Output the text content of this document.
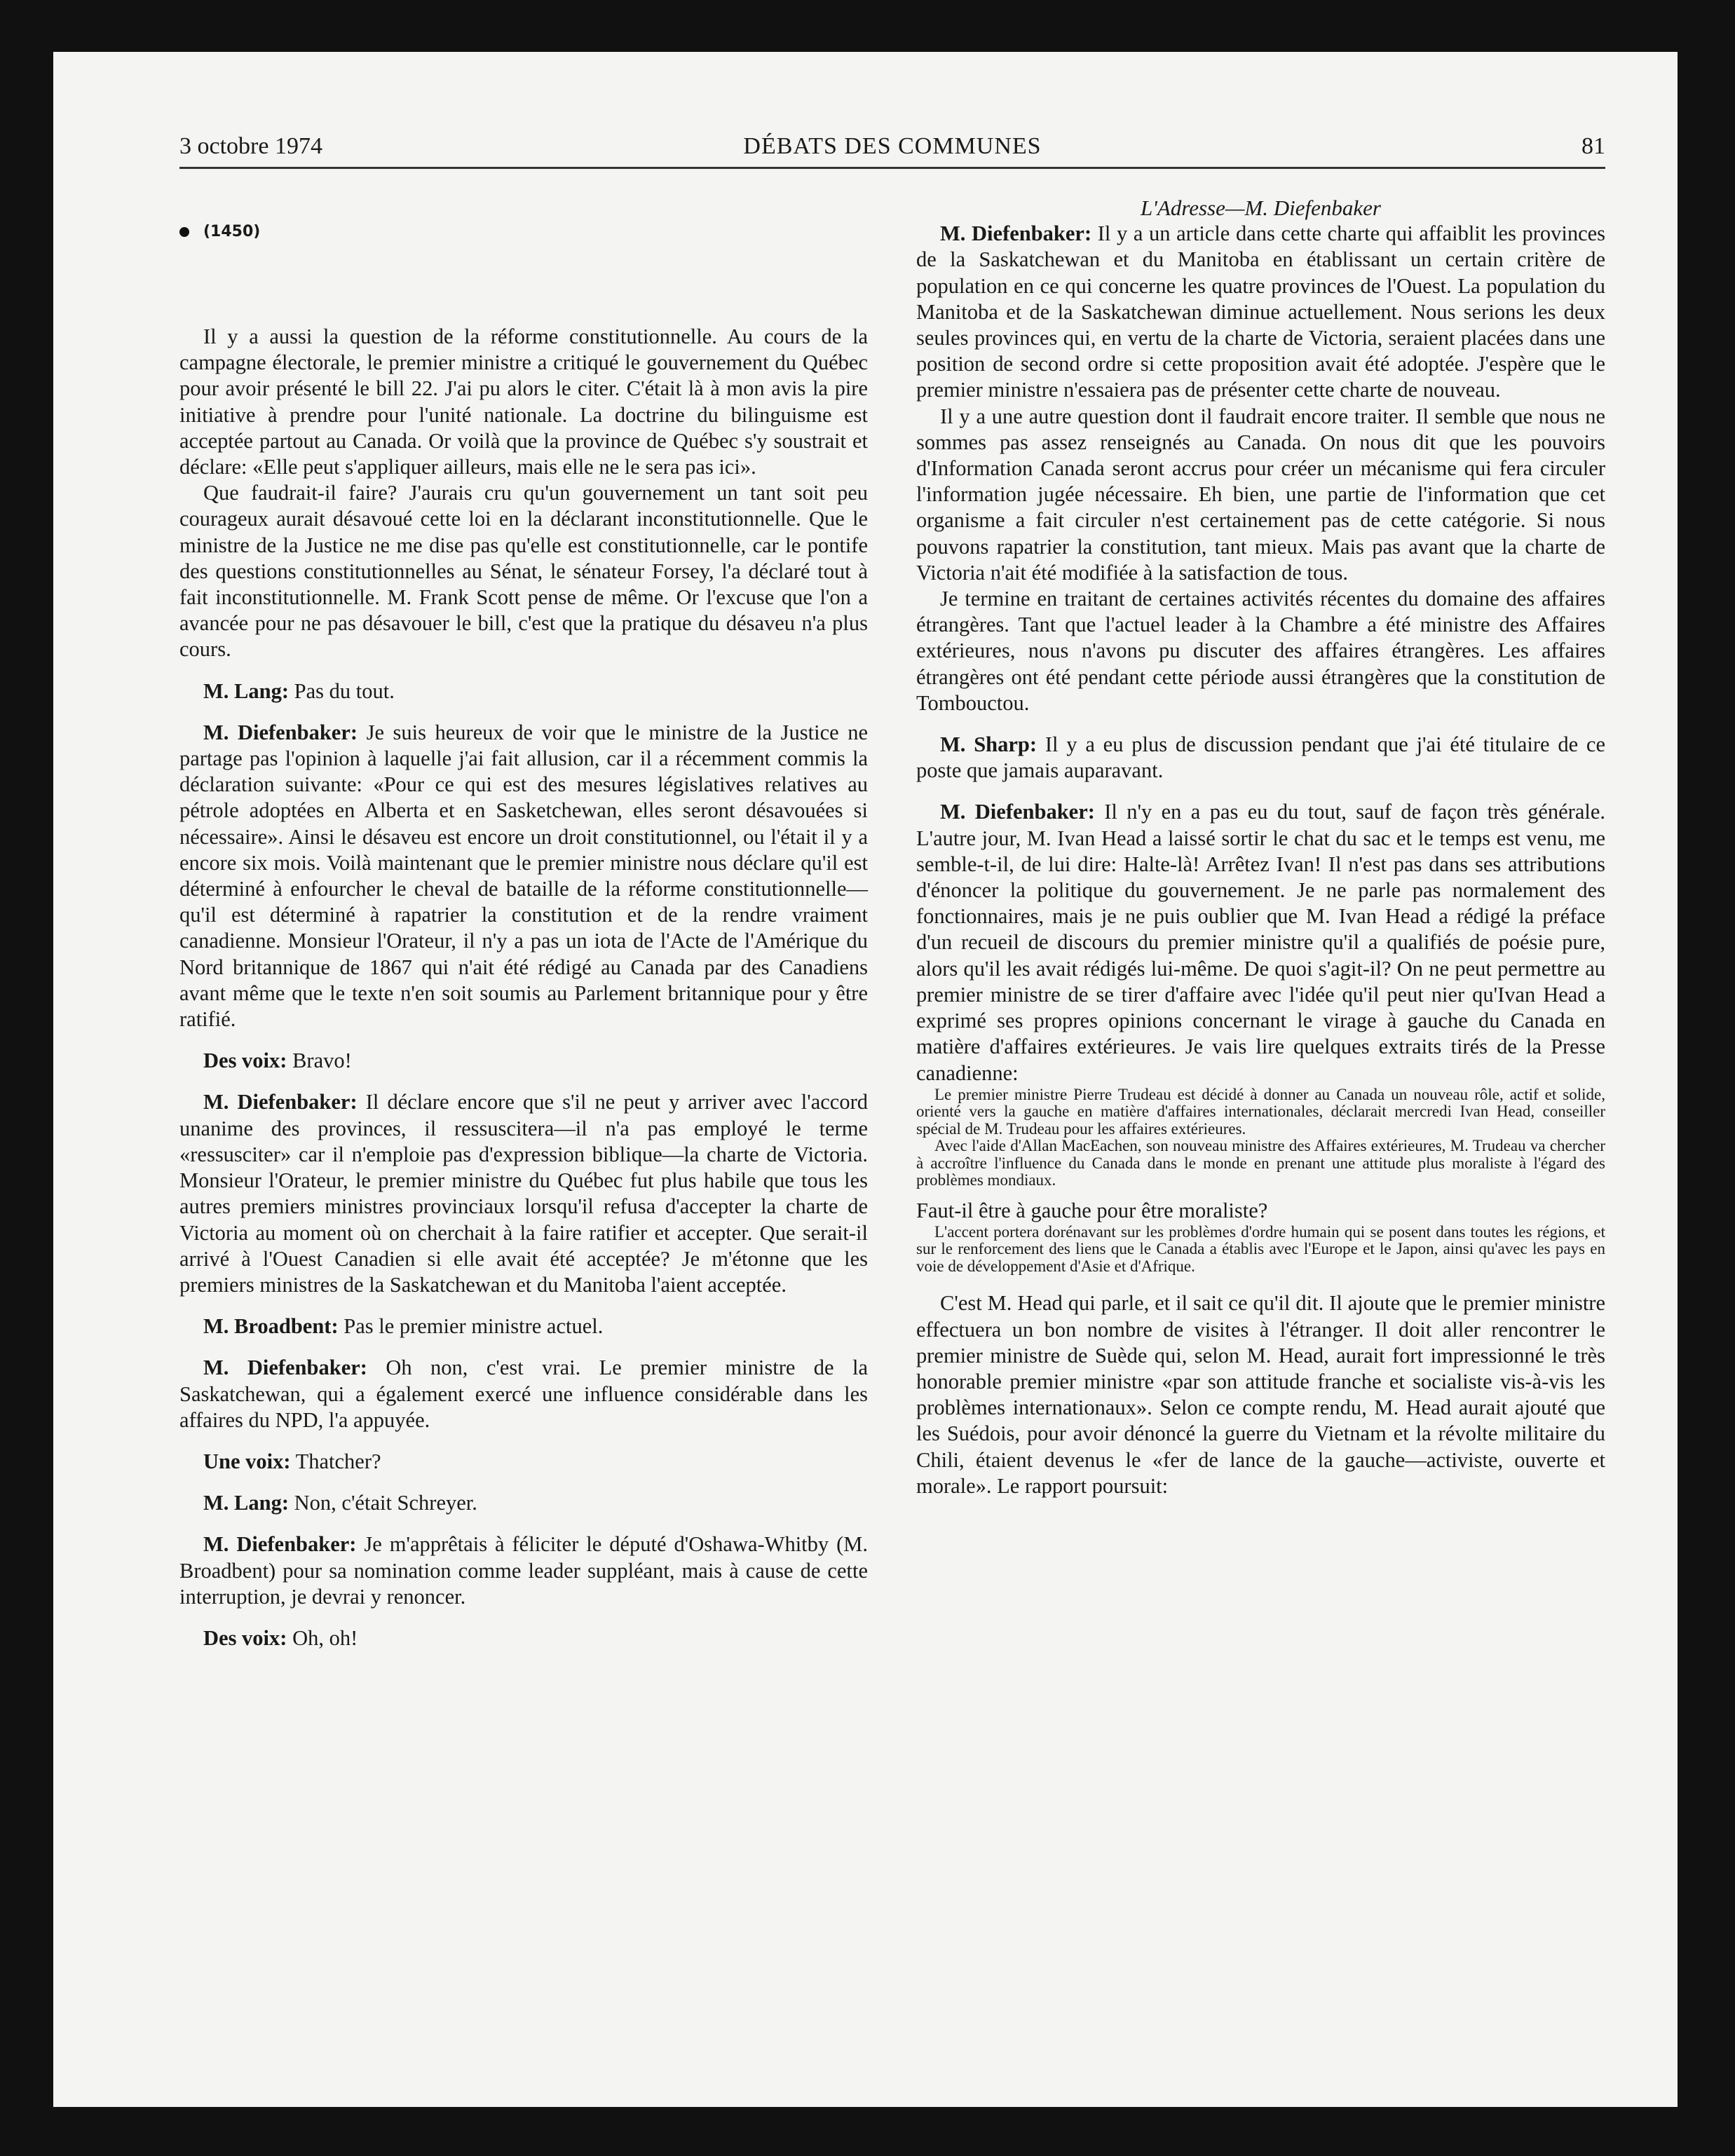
3 octobre 1974	DÉBATS DES COMMUNES	81
(1450)

Il y a aussi la question de la réforme constitutionnelle. Au cours de la campagne électorale, le premier ministre a critiqué le gouvernement du Québec pour avoir présenté le bill 22. J'ai pu alors le citer. C'était là à mon avis la pire initiative à prendre pour l'unité nationale. La doctrine du bilinguisme est acceptée partout au Canada. Or voilà que la province de Québec s'y soustrait et déclare: «Elle peut s'appliquer ailleurs, mais elle ne le sera pas ici».

Que faudrait-il faire? J'aurais cru qu'un gouvernement un tant soit peu courageux aurait désavoué cette loi en la déclarant inconstitutionnelle. Que le ministre de la Justice ne me dise pas qu'elle est constitutionnelle, car le pontife des questions constitutionnelles au Sénat, le sénateur Forsey, l'a déclaré tout à fait inconstitutionnelle. M. Frank Scott pense de même. Or l'excuse que l'on a avancée pour ne pas désavouer le bill, c'est que la pratique du désaveu n'a plus cours.

M. Lang: Pas du tout.

M. Diefenbaker: Je suis heureux de voir que le ministre de la Justice ne partage pas l'opinion à laquelle j'ai fait allusion, car il a récemment commis la déclaration suivante: «Pour ce qui est des mesures législatives relatives au pétrole adoptées en Alberta et en Sasketchewan, elles seront désavouées si nécessaire». Ainsi le désaveu est encore un droit constitutionnel, ou l'était il y a encore six mois. Voilà maintenant que le premier ministre nous déclare qu'il est déterminé à enfourcher le cheval de bataille de la réforme constitutionnelle—qu'il est déterminé à rapatrier la constitution et de la rendre vraiment canadienne. Monsieur l'Orateur, il n'y a pas un iota de l'Acte de l'Amérique du Nord britannique de 1867 qui n'ait été rédigé au Canada par des Canadiens avant même que le texte n'en soit soumis au Parlement britannique pour y être ratifié.

Des voix: Bravo!

M. Diefenbaker: Il déclare encore que s'il ne peut y arriver avec l'accord unanime des provinces, il ressuscitera—il n'a pas employé le terme «ressusciter» car il n'emploie pas d'expression biblique—la charte de Victoria. Monsieur l'Orateur, le premier ministre du Québec fut plus habile que tous les autres premiers ministres provinciaux lorsqu'il refusa d'accepter la charte de Victoria au moment où on cherchait à la faire ratifier et accepter. Que serait-il arrivé à l'Ouest Canadien si elle avait été acceptée? Je m'étonne que les premiers ministres de la Saskatchewan et du Manitoba l'aient acceptée.

M. Broadbent: Pas le premier ministre actuel.

M. Diefenbaker: Oh non, c'est vrai. Le premier ministre de la Saskatchewan, qui a également exercé une influence considérable dans les affaires du NPD, l'a appuyée.

Une voix: Thatcher?

M. Lang: Non, c'était Schreyer.

M. Diefenbaker: Je m'apprêtais à féliciter le député d'Oshawa-Whitby (M. Broadbent) pour sa nomination comme leader suppléant, mais à cause de cette interruption, je devrai y renoncer.

Des voix: Oh, oh!

L'Adresse—M. Diefenbaker

M. Diefenbaker: Il y a un article dans cette charte qui affaiblit les provinces de la Saskatchewan et du Manitoba en établissant un certain critère de population en ce qui concerne les quatre provinces de l'Ouest. La population du Manitoba et de la Saskatchewan diminue actuellement. Nous serions les deux seules provinces qui, en vertu de la charte de Victoria, seraient placées dans une position de second ordre si cette proposition avait été adoptée. J'espère que le premier ministre n'essaiera pas de présenter cette charte de nouveau.

Il y a une autre question dont il faudrait encore traiter. Il semble que nous ne sommes pas assez renseignés au Canada. On nous dit que les pouvoirs d'Information Canada seront accrus pour créer un mécanisme qui fera circuler l'information jugée nécessaire. Eh bien, une partie de l'information que cet organisme a fait circuler n'est certainement pas de cette catégorie. Si nous pouvons rapatrier la constitution, tant mieux. Mais pas avant que la charte de Victoria n'ait été modifiée à la satisfaction de tous.

Je termine en traitant de certaines activités récentes du domaine des affaires étrangères. Tant que l'actuel leader à la Chambre a été ministre des Affaires extérieures, nous n'avons pu discuter des affaires étrangères. Les affaires étrangères ont été pendant cette période aussi étrangères que la constitution de Tombouctou.

M. Sharp: Il y a eu plus de discussion pendant que j'ai été titulaire de ce poste que jamais auparavant.

M. Diefenbaker: Il n'y en a pas eu du tout, sauf de façon très générale. L'autre jour, M. Ivan Head a laissé sortir le chat du sac et le temps est venu, me semble-t-il, de lui dire: Halte-là! Arrêtez Ivan! Il n'est pas dans ses attributions d'énoncer la politique du gouvernement. Je ne parle pas normalement des fonctionnaires, mais je ne puis oublier que M. Ivan Head a rédigé la préface d'un recueil de discours du premier ministre qu'il a qualifiés de poésie pure, alors qu'il les avait rédigés lui-même. De quoi s'agit-il? On ne peut permettre au premier ministre de se tirer d'affaire avec l'idée qu'il peut nier qu'Ivan Head a exprimé ses propres opinions concernant le virage à gauche du Canada en matière d'affaires extérieures. Je vais lire quelques extraits tirés de la Presse canadienne:

Le premier ministre Pierre Trudeau est décidé à donner au Canada un nouveau rôle, actif et solide, orienté vers la gauche en matière d'affaires internationales, déclarait mercredi Ivan Head, conseiller spécial de M. Trudeau pour les affaires extérieures.

Avec l'aide d'Allan MacEachen, son nouveau ministre des Affaires extérieures, M. Trudeau va chercher à accroître l'influence du Canada dans le monde en prenant une attitude plus moraliste à l'égard des problèmes mondiaux.

Faut-il être à gauche pour être moraliste?

L'accent portera dorénavant sur les problèmes d'ordre humain qui se posent dans toutes les régions, et sur le renforcement des liens que le Canada a établis avec l'Europe et le Japon, ainsi qu'avec les pays en voie de développement d'Asie et d'Afrique.

C'est M. Head qui parle, et il sait ce qu'il dit. Il ajoute que le premier ministre effectuera un bon nombre de visites à l'étranger. Il doit aller rencontrer le premier ministre de Suède qui, selon M. Head, aurait fort impressionné le très honorable premier ministre «par son attitude franche et socialiste vis-à-vis les problèmes internationaux». Selon ce compte rendu, M. Head aurait ajouté que les Suédois, pour avoir dénoncé la guerre du Vietnam et la révolte militaire du Chili, étaient devenus le «fer de lance de la gauche—activiste, ouverte et morale». Le rapport poursuit:
